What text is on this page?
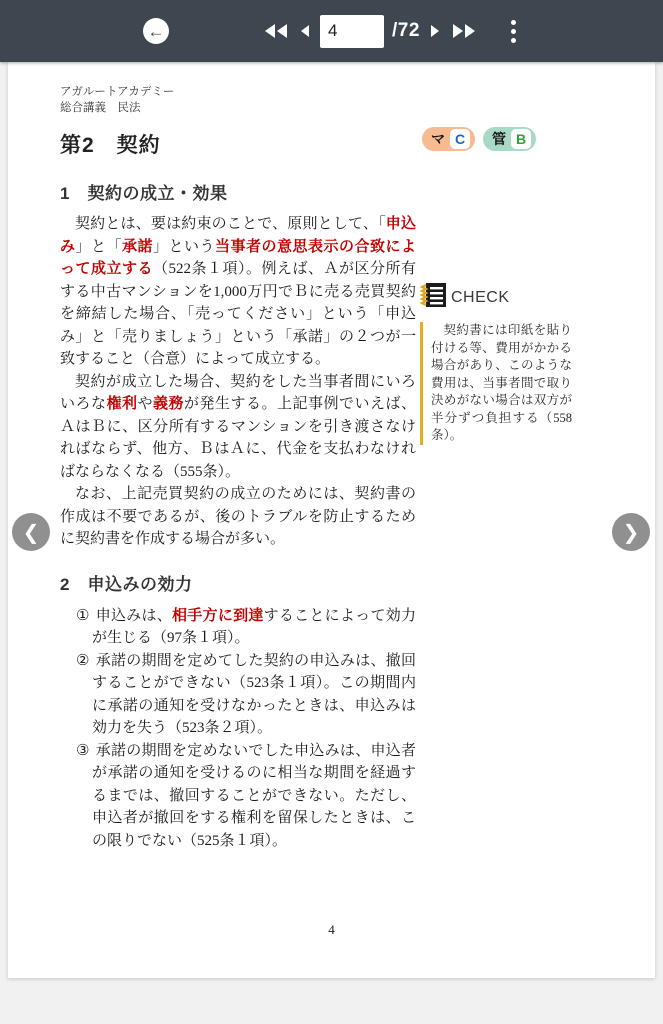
←
4	/72
マ C	管 B
CHECK
契約書には印紙を貼り付ける等、費用がかかる場合があり、このような費用は、当事者間で取り決めがない場合は双方が半分ずつ負担する（558条）。
アガルートアカデミー
総合講義　民法
第2　契約
1　契約の成立・効果

契約とは、要は約束のことで、原則として、「申込み」と「承諾」という当事者の意思表示の合致によって成立する（522条１項）。例えば、Ａが区分所有する中古マンションを1,000万円でＢに売る売買契約を締結した場合、「売ってください」という「申込み」と「売りましょう」という「承諾」の２つが一致すること（合意）によって成立する。

契約が成立した場合、契約をした当事者間にいろいろな権利や義務が発生する。上記事例でいえば、ＡはＢに、区分所有するマンションを引き渡さなければならず、他方、ＢはＡに、代金を支払わなければならなくなる（555条）。

なお、上記売買契約の成立のためには、契約書の作成は不要であるが、後のトラブルを防止するために契約書を作成する場合が多い。

2　申込みの効力

①申込みは、相手方に到達することによって効力が生じる（97条１項）。

②承諾の期間を定めてした契約の申込みは、撤回することができない（523条１項）。この期間内に承諾の通知を受けなかったときは、申込みは効力を失う（523条２項）。

③承諾の期間を定めないでした申込みは、申込者が承諾の通知を受けるのに相当な期間を経過するまでは、撤回することができない。ただし、申込者が撤回をする権利を留保したときは、この限りでない（525条１項）。

4
❮	❯
